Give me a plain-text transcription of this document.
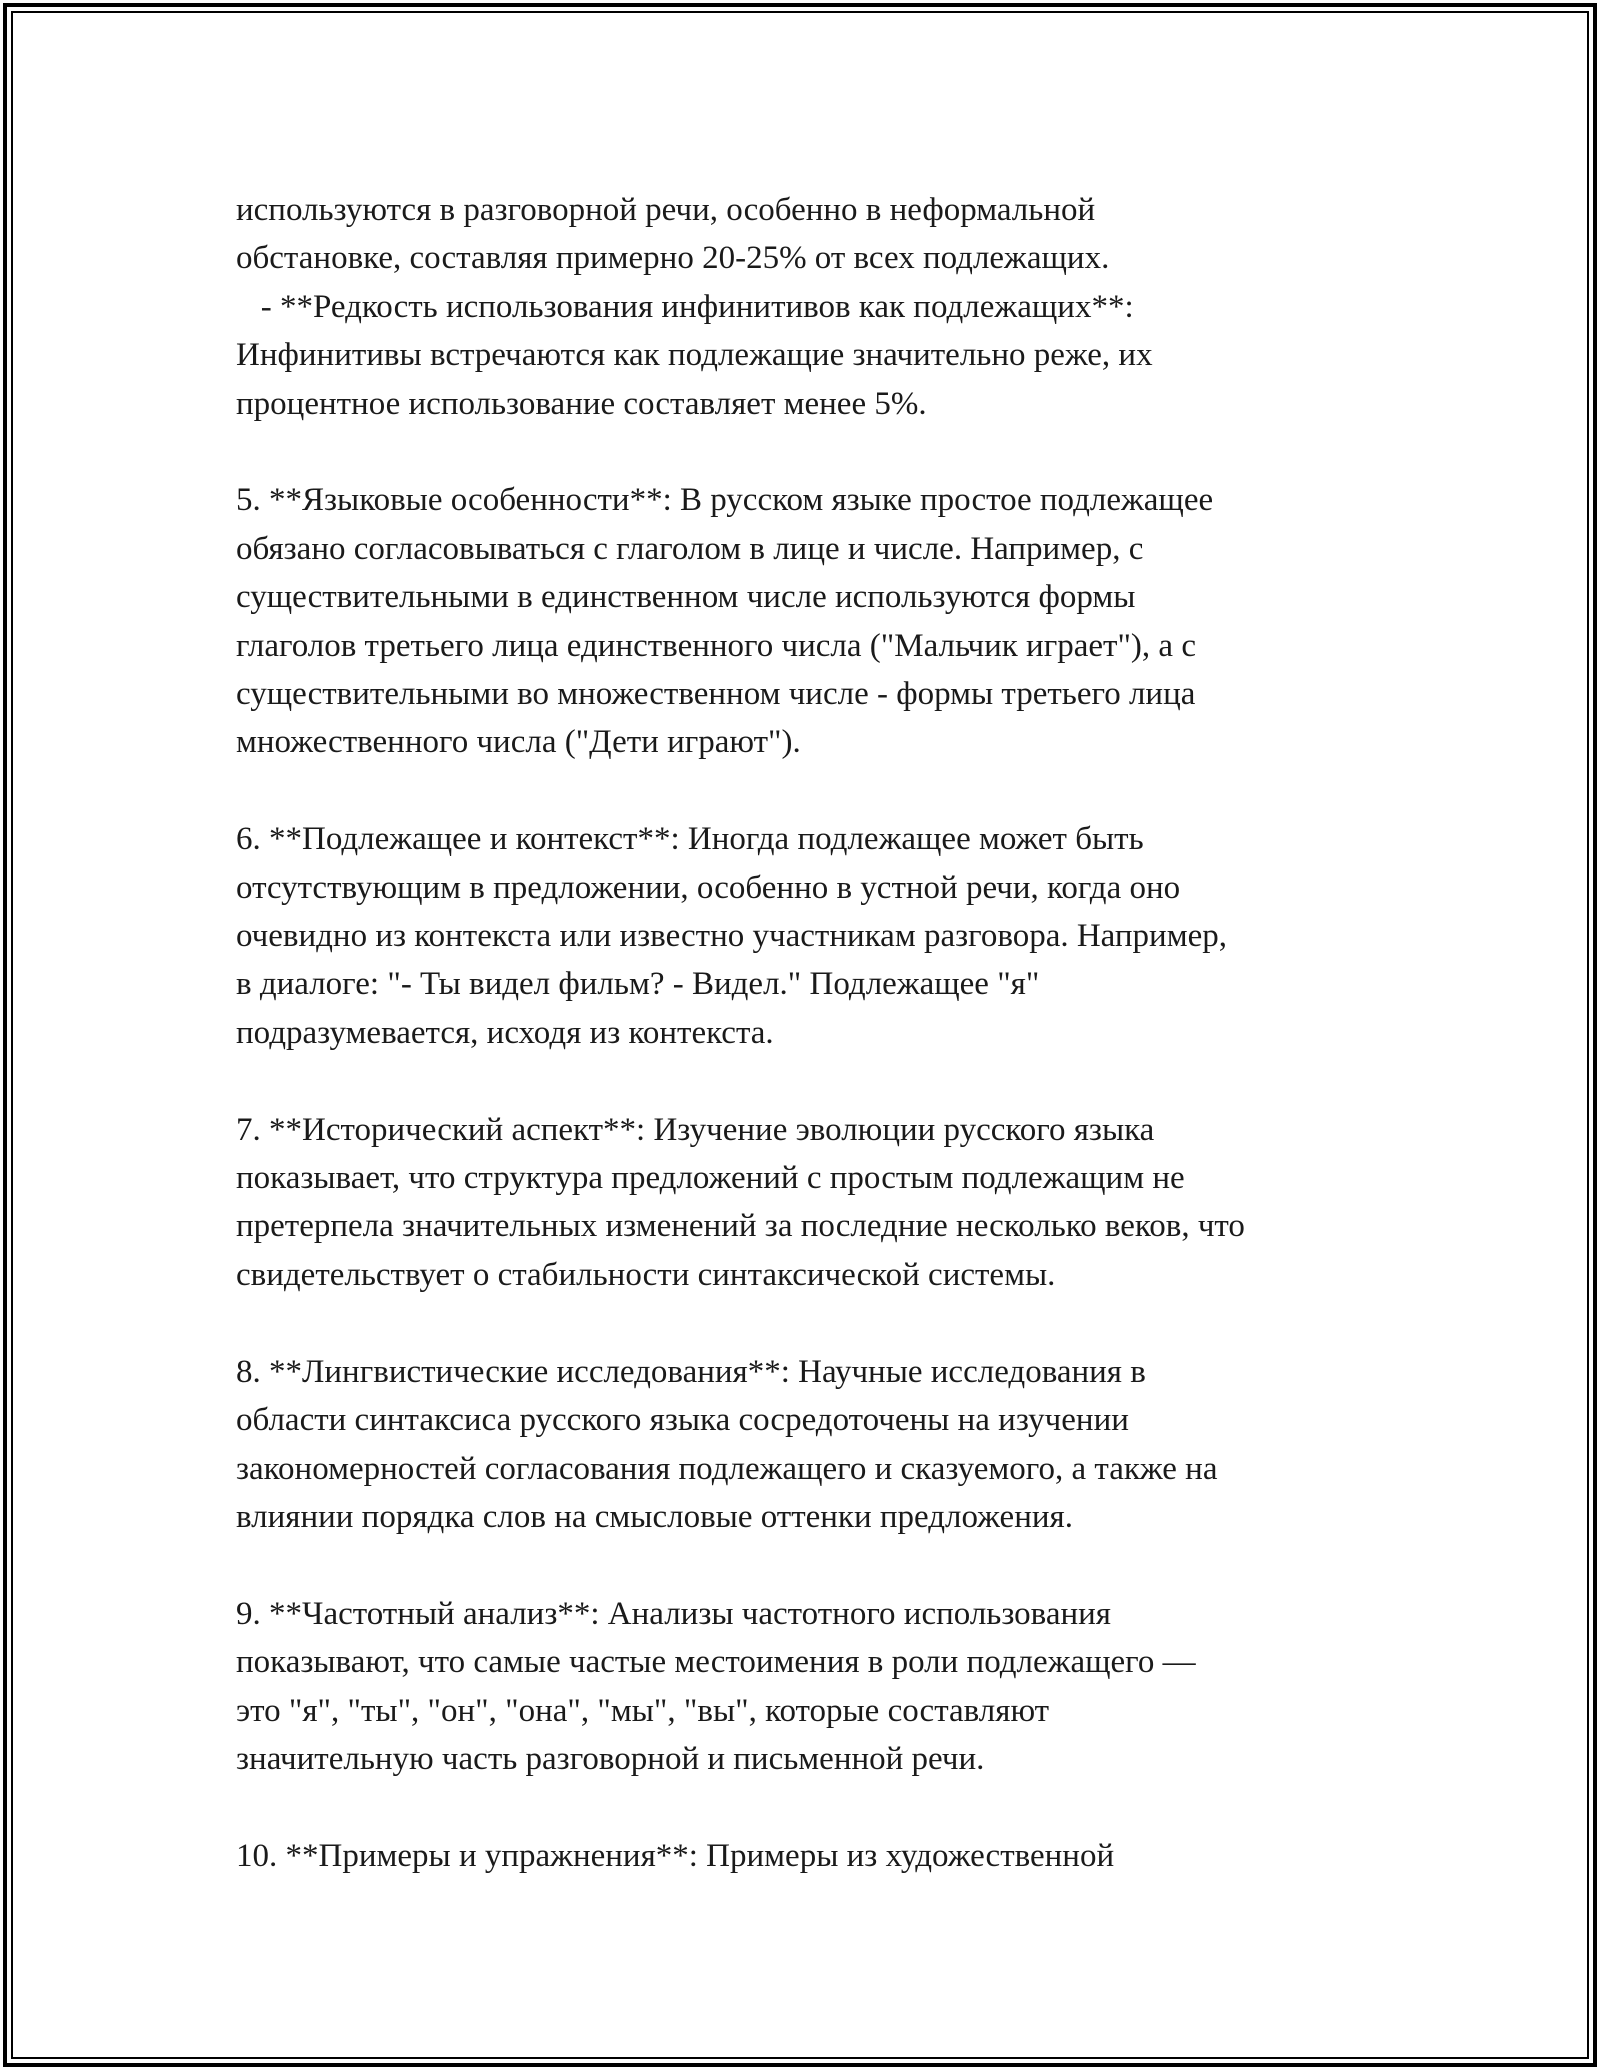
используются в разговорной речи, особенно в неформальной
обстановке, составляя примерно 20-25% от всех подлежащих.
- **Редкость использования инфинитивов как подлежащих**:
Инфинитивы встречаются как подлежащие значительно реже, их
процентное использование составляет менее 5%.

5. **Языковые особенности**: В русском языке простое подлежащее
обязано согласовываться с глаголом в лице и числе. Например, с
существительными в единственном числе используются формы
глаголов третьего лица единственного числа ("Мальчик играет"), а с
существительными во множественном числе - формы третьего лица
множественного числа ("Дети играют").

6. **Подлежащее и контекст**: Иногда подлежащее может быть
отсутствующим в предложении, особенно в устной речи, когда оно
очевидно из контекста или известно участникам разговора. Например,
в диалоге: "- Ты видел фильм? - Видел." Подлежащее "я"
подразумевается, исходя из контекста.

7. **Исторический аспект**: Изучение эволюции русского языка
показывает, что структура предложений с простым подлежащим не
претерпела значительных изменений за последние несколько веков, что
свидетельствует о стабильности синтаксической системы.

8. **Лингвистические исследования**: Научные исследования в
области синтаксиса русского языка сосредоточены на изучении
закономерностей согласования подлежащего и сказуемого, а также на
влиянии порядка слов на смысловые оттенки предложения.

9. **Частотный анализ**: Анализы частотного использования
показывают, что самые частые местоимения в роли подлежащего —
это "я", "ты", "он", "она", "мы", "вы", которые составляют
значительную часть разговорной и письменной речи.

10. **Примеры и упражнения**: Примеры из художественной
